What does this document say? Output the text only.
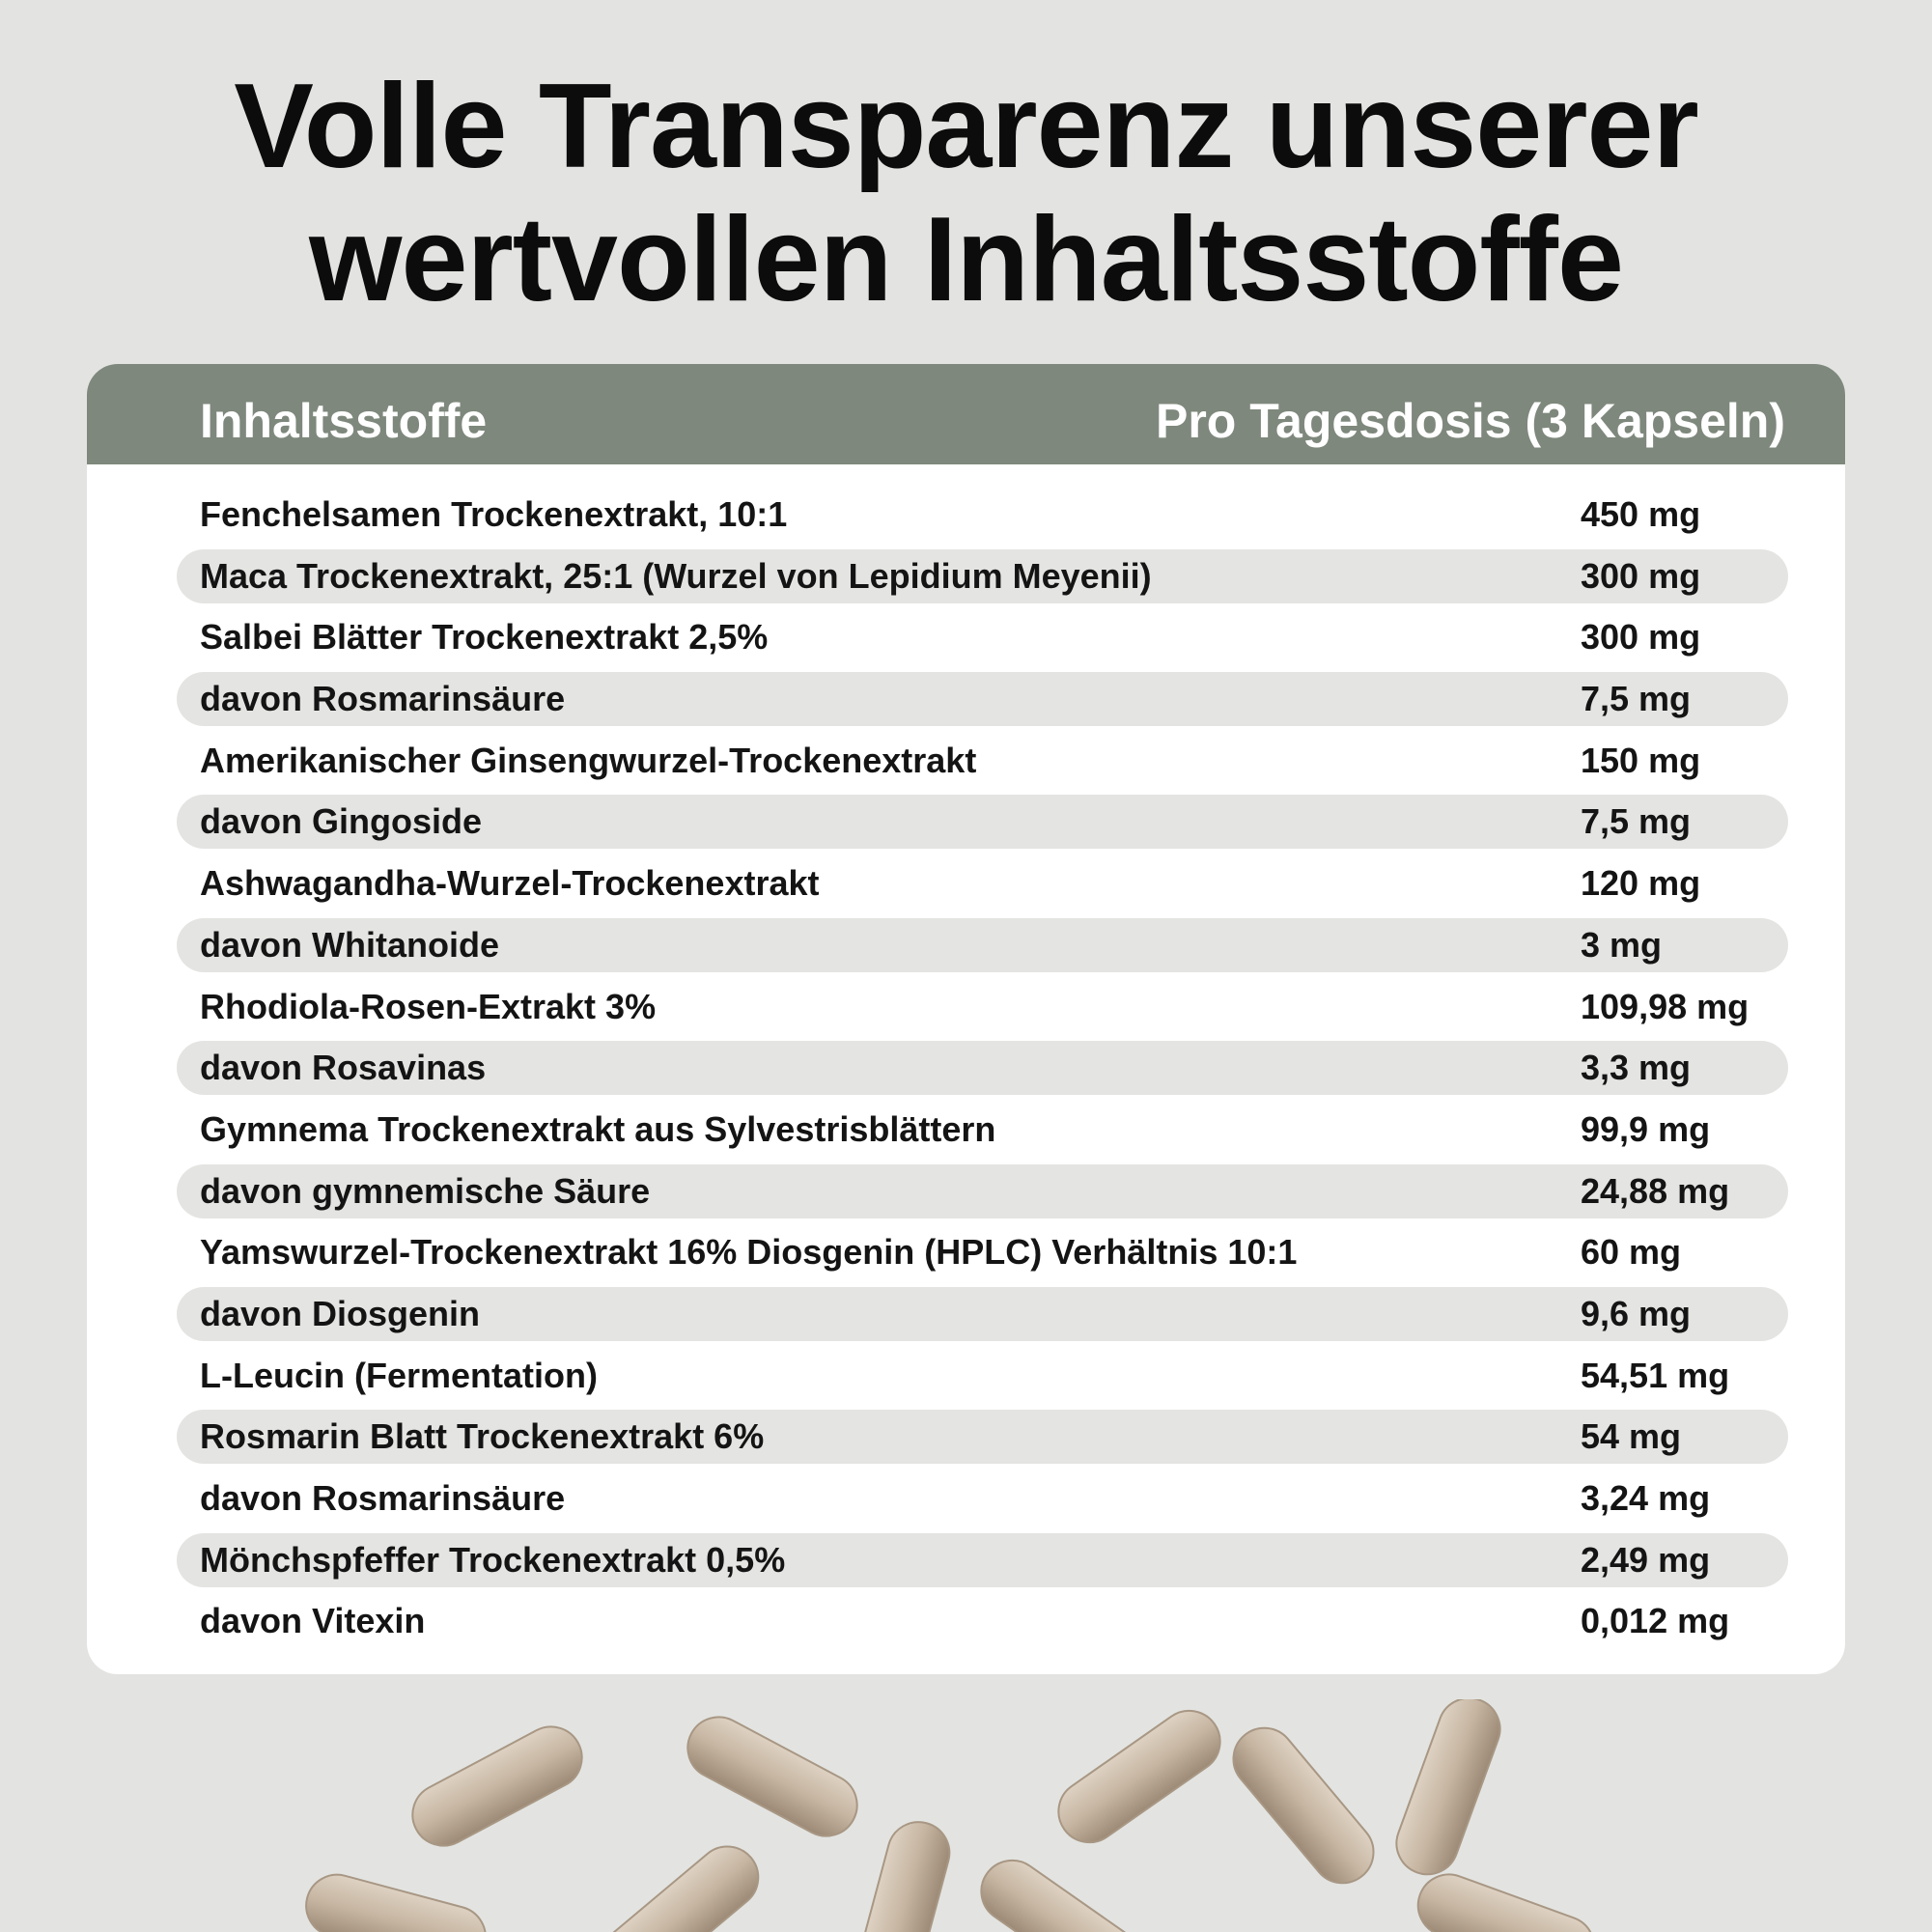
Volle Transparenz unserer
wertvollen Inhaltsstoffe
Inhaltsstoffe	Pro Tagesdosis (3 Kapseln)
Fenchelsamen Trockenextrakt, 10:1	450 mg
Maca Trockenextrakt, 25:1 (Wurzel von Lepidium Meyenii)	300 mg
Salbei Blätter Trockenextrakt 2,5%	300 mg
davon Rosmarinsäure	7,5 mg
Amerikanischer Ginsengwurzel-Trockenextrakt	150 mg
davon Gingoside	7,5 mg
Ashwagandha-Wurzel-Trockenextrakt	120 mg
davon Whitanoide	3 mg
Rhodiola-Rosen-Extrakt 3%	109,98 mg
davon Rosavinas	3,3 mg
Gymnema Trockenextrakt aus Sylvestrisblättern	99,9 mg
davon gymnemische Säure	24,88 mg
Yamswurzel-Trockenextrakt 16% Diosgenin (HPLC) Verhältnis 10:1	60 mg
davon Diosgenin	9,6 mg
L-Leucin (Fermentation)	54,51 mg
Rosmarin Blatt Trockenextrakt 6%	54 mg
davon Rosmarinsäure	3,24 mg
Mönchspfeffer Trockenextrakt 0,5%	2,49 mg
davon Vitexin	0,012 mg
